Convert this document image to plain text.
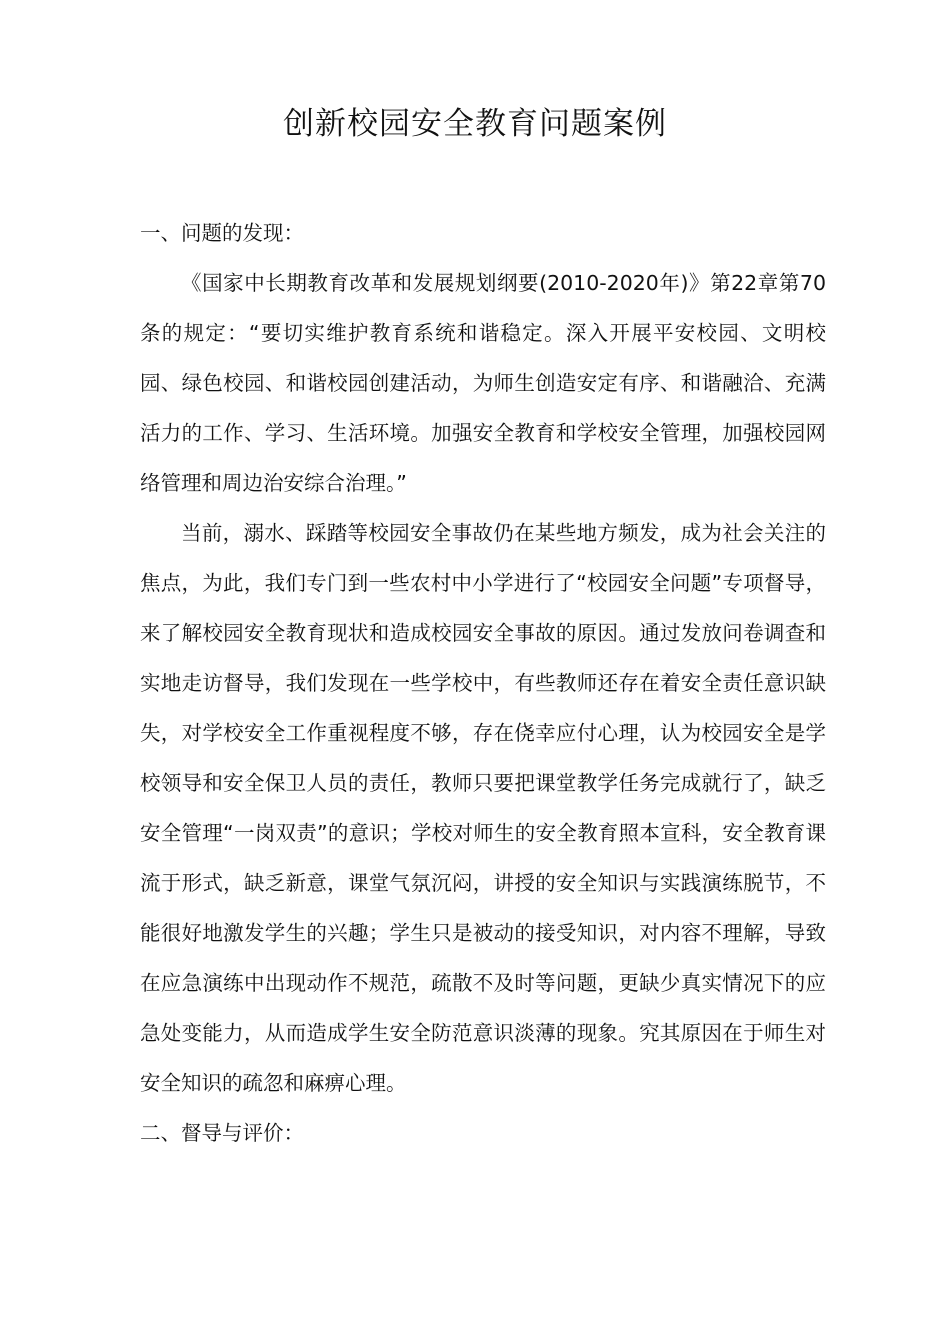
创新校园安全教育问题案例

一、问题的发现：

《国家中长期教育改革和发展规划纲要(2010-2020年)》第22章第70条的规定：“要切实维护教育系统和谐稳定。深入开展平安校园、文明校园、绿色校园、和谐校园创建活动，为师生创造安定有序、和谐融洽、充满活力的工作、学习、生活环境。加强安全教育和学校安全管理，加强校园网络管理和周边治安综合治理。”

当前，溺水、踩踏等校园安全事故仍在某些地方频发，成为社会关注的焦点，为此，我们专门到一些农村中小学进行了“校园安全问题”专项督导，来了解校园安全教育现状和造成校园安全事故的原因。通过发放问卷调查和实地走访督导，我们发现在一些学校中，有些教师还存在着安全责任意识缺失，对学校安全工作重视程度不够，存在侥幸应付心理，认为校园安全是学校领导和安全保卫人员的责任，教师只要把课堂教学任务完成就行了，缺乏安全管理“一岗双责”的意识；学校对师生的安全教育照本宣科，安全教育课流于形式，缺乏新意，课堂气氛沉闷，讲授的安全知识与实践演练脱节，不能很好地激发学生的兴趣；学生只是被动的接受知识，对内容不理解，导致在应急演练中出现动作不规范，疏散不及时等问题，更缺少真实情况下的应急处变能力，从而造成学生安全防范意识淡薄的现象。究其原因在于师生对安全知识的疏忽和麻痹心理。

二、督导与评价：
